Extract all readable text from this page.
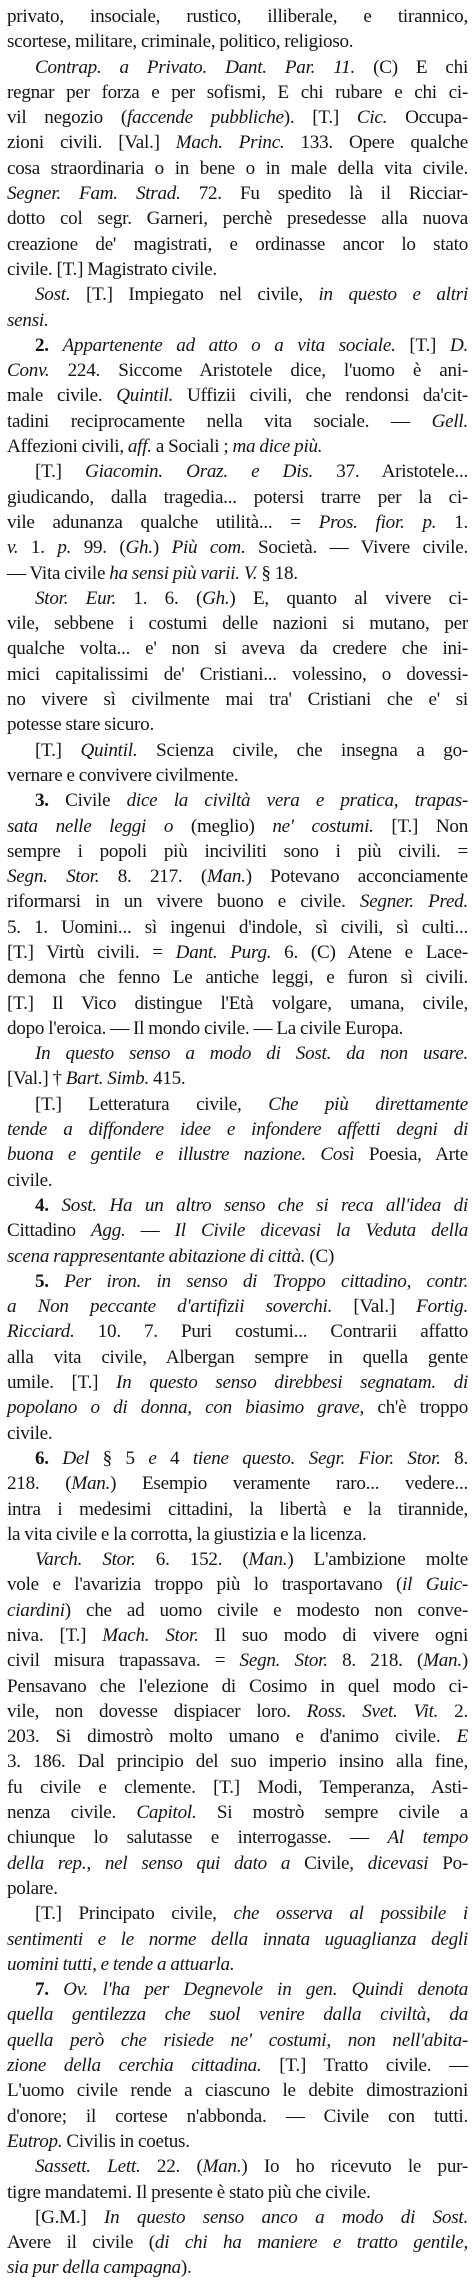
privato, insociale, rustico, illiberale, e tirannico,
scortese, militare, criminale, politico, religioso.
Contrap. a Privato. Dant. Par. 11. (C) E chi
regnar per forza e per sofismi, E chi rubare e chi ci-
vil negozio (faccende pubbliche). [T.] Cic. Occupa-
zioni civili. [Val.] Mach. Princ. 133. Opere qualche
cosa straordinaria o in bene o in male della vita civile.
Segner. Fam. Strad. 72. Fu spedito là il Ricciar-
dotto col segr. Garneri, perchè presedesse alla nuova
creazione de' magistrati, e ordinasse ancor lo stato
civile. [T.] Magistrato civile.
Sost. [T.] Impiegato nel civile, in questo e altri
sensi.
2. Appartenente ad atto o a vita sociale. [T.] D.
Conv. 224. Siccome Aristotele dice, l'uomo è ani-
male civile. Quintil. Uffizii civili, che rendonsi da'cit-
tadini reciprocamente nella vita sociale. — Gell.
Affezioni civili, aff. a Sociali ; ma dice più.
[T.] Giacomin. Oraz. e Dis. 37. Aristotele...
giudicando, dalla tragedia... potersi trarre per la ci-
vile adunanza qualche utilità... = Pros. fior. p. 1.
v. 1. p. 99. (Gh.) Più com. Società. — Vivere civile.
— Vita civile ha sensi più varii. V. § 18.
Stor. Eur. 1. 6. (Gh.) E, quanto al vivere ci-
vile, sebbene i costumi delle nazioni si mutano, per
qualche volta... e' non si aveva da credere che ini-
mici capitalissimi de' Cristiani... volessino, o dovessi-
no vivere sì civilmente mai tra' Cristiani che e' si
potesse stare sicuro.
[T.] Quintil. Scienza civile, che insegna a go-
vernare e convivere civilmente.
3. Civile dice la civiltà vera e pratica, trapas-
sata nelle leggi o (meglio) ne' costumi. [T.] Non
sempre i popoli più inciviliti sono i più civili. =
Segn. Stor. 8. 217. (Man.) Potevano acconciamente
riformarsi in un vivere buono e civile. Segner. Pred.
5. 1. Uomini... sì ingenui d'indole, sì civili, sì culti...
[T.] Virtù civili. = Dant. Purg. 6. (C) Atene e Lace-
demona che fenno Le antiche leggi, e furon sì civili.
[T.] Il Vico distingue l'Età volgare, umana, civile,
dopo l'eroica. — Il mondo civile. — La civile Europa.
In questo senso a modo di Sost. da non usare.
[Val.] † Bart. Simb. 415.
[T.] Letteratura civile, Che più direttamente
tende a diffondere idee e infondere affetti degni di
buona e gentile e illustre nazione. Così Poesia, Arte
civile.
4. Sost. Ha un altro senso che si reca all'idea di
Cittadino Agg. — Il Civile dicevasi la Veduta della
scena rappresentante abitazione di città. (C)
5. Per iron. in senso di Troppo cittadino, contr.
a Non peccante d'artifizii soverchi. [Val.] Fortig.
Ricciard. 10. 7. Puri costumi... Contrarii affatto
alla vita civile, Albergan sempre in quella gente
umile. [T.] In questo senso direbbesi segnatam. di
popolano o di donna, con biasimo grave, ch'è troppo
civile.
6. Del § 5 e 4 tiene questo. Segr. Fior. Stor. 8.
218. (Man.) Esempio veramente raro... vedere...
intra i medesimi cittadini, la libertà e la tirannide,
la vita civile e la corrotta, la giustizia e la licenza.
Varch. Stor. 6. 152. (Man.) L'ambizione molte
vole e l'avarizia troppo più lo trasportavano (il Guic-
ciardini) che ad uomo civile e modesto non conve-
niva. [T.] Mach. Stor. Il suo modo di vivere ogni
civil misura trapassava. = Segn. Stor. 8. 218. (Man.)
Pensavano che l'elezione di Cosimo in quel modo ci-
vile, non dovesse dispiacer loro. Ross. Svet. Vit. 2.
203. Si dimostrò molto umano e d'animo civile. E
3. 186. Dal principio del suo imperio insino alla fine,
fu civile e clemente. [T.] Modi, Temperanza, Asti-
nenza civile. Capitol. Si mostrò sempre civile a
chiunque lo salutasse e interrogasse. — Al tempo
della rep., nel senso qui dato a Civile, dicevasi Po-
polare.
[T.] Principato civile, che osserva al possibile i
sentimenti e le norme della innata uguaglianza degli
uomini tutti, e tende a attuarla.
7. Ov. l'ha per Degnevole in gen. Quindi denota
quella gentilezza che suol venire dalla civiltà, da
quella però che risiede ne' costumi, non nell'abita-
zione della cerchia cittadina. [T.] Tratto civile. —
L'uomo civile rende a ciascuno le debite dimostrazioni
d'onore; il cortese n'abbonda. — Civile con tutti.
Eutrop. Civilis in coetus.
Sassett. Lett. 22. (Man.) Io ho ricevuto le pur-
tigre mandatemi. Il presente è stato più che civile.
[G.M.] In questo senso anco a modo di Sost.
Avere il civile (di chi ha maniere e tratto gentile,
sia pur della campagna).
